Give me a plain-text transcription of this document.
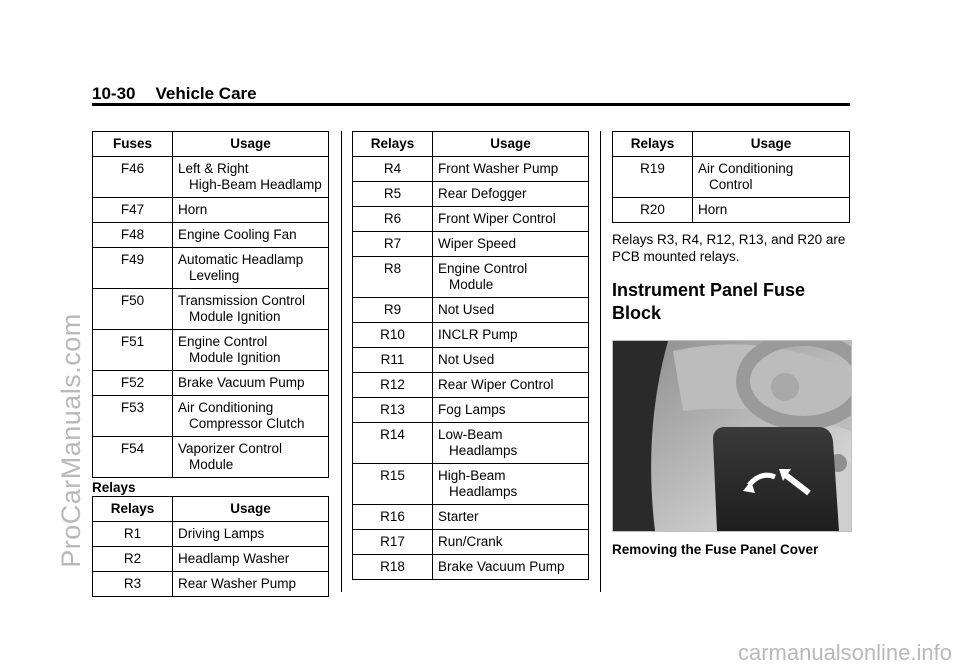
ProCarManuals.com
carmanualsonline.info
10-30 Vehicle Care
Fuses	Usage
F46	Left & Right
High-Beam Headlamp

F47	Horn
F48	Engine Cooling Fan
F49	Automatic Headlamp
Leveling

F50	Transmission Control
Module Ignition

F51	Engine Control
Module Ignition

F52	Brake Vacuum Pump
F53	Air Conditioning
Compressor Clutch

F54	Vaporizer Control
Module
Relays
Relays	Usage
R1	Driving Lamps
R2	Headlamp Washer
R3	Rear Washer Pump
Relays	Usage
R4	Front Washer Pump
R5	Rear Defogger
R6	Front Wiper Control
R7	Wiper Speed
R8	Engine Control
Module

R9	Not Used
R10	INCLR Pump
R11	Not Used
R12	Rear Wiper Control
R13	Fog Lamps
R14	Low-Beam
Headlamps

R15	High-Beam
Headlamps

R16	Starter
R17	Run/Crank
R18	Brake Vacuum Pump
Relays	Usage
R19	Air Conditioning
Control

R20	Horn
Relays R3, R4, R12, R13, and R20 are PCB mounted relays.
Instrument Panel Fuse Block
Removing the Fuse Panel Cover
